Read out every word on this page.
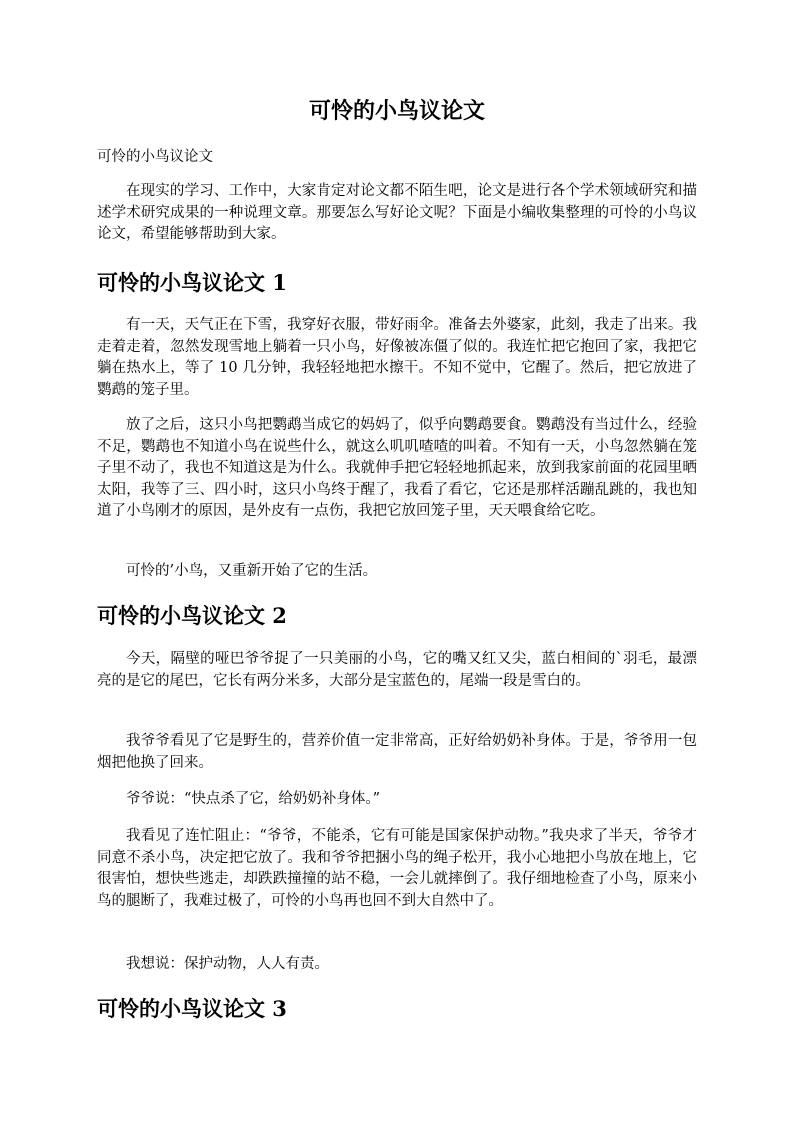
可怜的小鸟议论文

可怜的小鸟议论文

在现实的学习、工作中，大家肯定对论文都不陌生吧，论文是进行各个学术领域研究和描述学术研究成果的一种说理文章。那要怎么写好论文呢？下面是小编收集整理的可怜的小鸟议论文，希望能够帮助到大家。

可怜的小鸟议论文 1

有一天，天气正在下雪，我穿好衣服，带好雨伞。准备去外婆家，此刻，我走了出来。我走着走着，忽然发现雪地上躺着一只小鸟，好像被冻僵了似的。我连忙把它抱回了家，我把它躺在热水上，等了 10 几分钟，我轻轻地把水擦干。不知不觉中，它醒了。然后，把它放进了鹦鹉的笼子里。

放了之后，这只小鸟把鹦鹉当成它的妈妈了，似乎向鹦鹉要食。鹦鹉没有当过什么，经验不足，鹦鹉也不知道小鸟在说些什么，就这么叽叽喳喳的叫着。不知有一天，小鸟忽然躺在笼子里不动了，我也不知道这是为什么。我就伸手把它轻轻地抓起来，放到我家前面的花园里晒太阳，我等了三、四小时，这只小鸟终于醒了，我看了看它，它还是那样活蹦乱跳的，我也知道了小鸟刚才的原因，是外皮有一点伤，我把它放回笼子里，天天喂食给它吃。

可怜的’小鸟，又重新开始了它的生活。

可怜的小鸟议论文 2

今天，隔壁的哑巴爷爷捉了一只美丽的小鸟，它的嘴又红又尖，蓝白相间的`羽毛，最漂亮的是它的尾巴，它长有两分米多，大部分是宝蓝色的，尾端一段是雪白的。

我爷爷看见了它是野生的，营养价值一定非常高，正好给奶奶补身体。于是，爷爷用一包烟把他换了回来。

爷爷说：“快点杀了它，给奶奶补身体。”

我看见了连忙阻止：“爷爷，不能杀，它有可能是国家保护动物。”我央求了半天，爷爷才同意不杀小鸟，决定把它放了。我和爷爷把捆小鸟的绳子松开，我小心地把小鸟放在地上，它很害怕，想快些逃走，却跌跌撞撞的站不稳，一会儿就摔倒了。我仔细地检查了小鸟，原来小鸟的腿断了，我难过极了，可怜的小鸟再也回不到大自然中了。

我想说：保护动物，人人有责。

可怜的小鸟议论文 3
